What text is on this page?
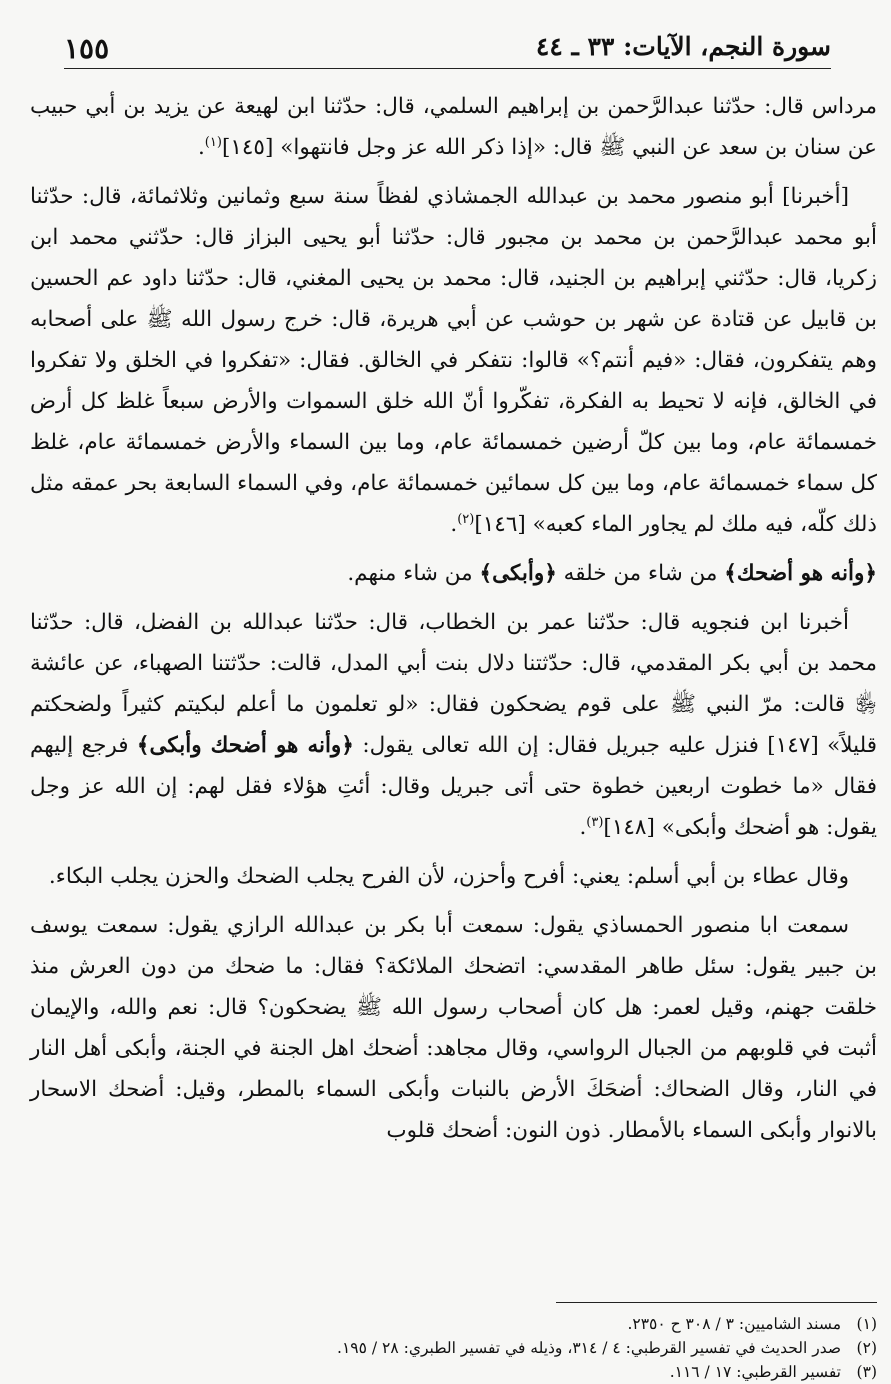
١٥٥	سورة النجم، الآيات: ٣٣ ـ ٤٤

مرداس قال: حدّثنا عبدالرَّحمن بن إبراهيم السلمي، قال: حدّثنا ابن لهيعة عن يزيد بن أبي حبيب عن سنان بن سعد عن النبي ﷺ قال: «إذا ذكر الله عز وجل فانتهوا» [١٤٥]$^{(١)}$.

[أخبرنا] أبو منصور محمد بن عبدالله الجمشاذي لفظاً سنة سبع وثمانين وثلاثمائة، قال: حدّثنا أبو محمد عبدالرَّحمن بن محمد بن مجبور قال: حدّثنا أبو يحيى البزاز قال: حدّثني محمد ابن زكريا، قال: حدّثني إبراهيم بن الجنيد، قال: محمد بن يحيى المغني، قال: حدّثنا داود عم الحسين بن قابيل عن قتادة عن شهر بن حوشب عن أبي هريرة، قال: خرج رسول الله ﷺ على أصحابه وهم يتفكرون، فقال: «فيم أنتم؟» قالوا: نتفكر في الخالق. فقال: «تفكروا في الخلق ولا تفكروا في الخالق، فإنه لا تحيط به الفكرة، تفكّروا أنّ الله خلق السموات والأرض سبعاً غلظ كل أرض خمسمائة عام، وما بين كلّ أرضين خمسمائة عام، وما بين السماء والأرض خمسمائة عام، غلظ كل سماء خمسمائة عام، وما بين كل سمائين خمسمائة عام، وفي السماء السابعة بحر عمقه مثل ذلك كلّه، فيه ملك لم يجاور الماء كعبه» [١٤٦]$^{(٢)}$.

﴿وأنه هو أضحك﴾ من شاء من خلقه ﴿وأبكى﴾ من شاء منهم.

أخبرنا ابن فنجويه قال: حدّثنا عمر بن الخطاب، قال: حدّثنا عبدالله بن الفضل، قال: حدّثنا محمد بن أبي بكر المقدمي، قال: حدّثتنا دلال بنت أبي المدل، قالت: حدّثتنا الصهباء، عن عائشة ﵂ قالت: مرّ النبي ﷺ على قوم يضحكون فقال: «لو تعلمون ما أعلم لبكيتم كثيراً ولضحكتم قليلاً» [١٤٧] فنزل عليه جبريل فقال: إن الله تعالى يقول: ﴿وأنه هو أضحك وأبكى﴾ فرجع إليهم فقال «ما خطوت اربعين خطوة حتى أتى جبريل وقال: أئتِ هؤلاء فقل لهم: إن الله عز وجل يقول: هو أضحك وأبكى» [١٤٨]$^{(٣)}$.

وقال عطاء بن أبي أسلم: يعني: أفرح وأحزن، لأن الفرح يجلب الضحك والحزن يجلب البكاء.

سمعت ابا منصور الحمساذي يقول: سمعت أبا بكر بن عبدالله الرازي يقول: سمعت يوسف بن جبير يقول: سئل طاهر المقدسي: اتضحك الملائكة؟ فقال: ما ضحك من دون العرش منذ خلقت جهنم، وقيل لعمر: هل كان أصحاب رسول الله ﷺ يضحكون؟ قال: نعم والله، والإيمان أثبت في قلوبهم من الجبال الرواسي، وقال مجاهد: أضحك اهل الجنة في الجنة، وأبكى أهل النار في النار، وقال الضحاك: أضحَكَ الأرض بالنبات وأبكى السماء بالمطر، وقيل: أضحك الاسحار بالانوار وأبكى السماء بالأمطار. ذون النون: أضحك قلوب

(١)مسند الشاميين: ٣ / ٣٠٨ ح ٢٣٥٠.
(٢)صدر الحديث في تفسير القرطبي: ٤ / ٣١٤، وذيله في تفسير الطبري: ٢٨ / ١٩٥.
(٣)تفسير القرطبي: ١٧ / ١١٦.
